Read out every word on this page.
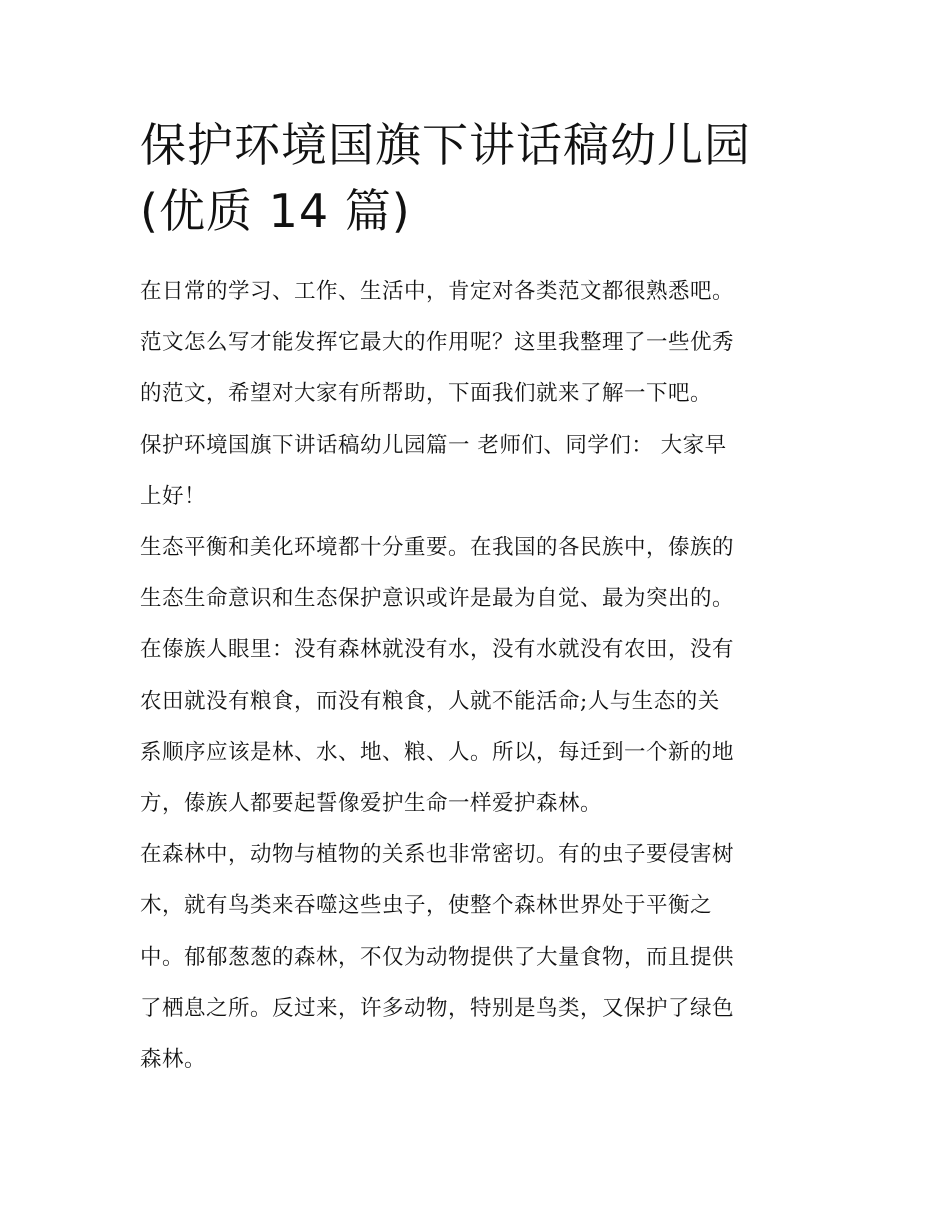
保护环境国旗下讲话稿幼儿园
(优质 14 篇)
在日常的学习、工作、生活中，肯定对各类范文都很熟悉吧。
范文怎么写才能发挥它最大的作用呢？这里我整理了一些优秀
的范文，希望对大家有所帮助，下面我们就来了解一下吧。
保护环境国旗下讲话稿幼儿园篇一 老师们、同学们： 大家早
上好！
生态平衡和美化环境都十分重要。在我国的各民族中，傣族的
生态生命意识和生态保护意识或许是最为自觉、最为突出的。
在傣族人眼里：没有森林就没有水，没有水就没有农田，没有
农田就没有粮食，而没有粮食，人就不能活命;人与生态的关
系顺序应该是林、水、地、粮、人。所以，每迁到一个新的地
方，傣族人都要起誓像爱护生命一样爱护森林。
在森林中，动物与植物的关系也非常密切。有的虫子要侵害树
木，就有鸟类来吞噬这些虫子，使整个森林世界处于平衡之
中。郁郁葱葱的森林，不仅为动物提供了大量食物，而且提供
了栖息之所。反过来，许多动物，特别是鸟类，又保护了绿色
森林。
